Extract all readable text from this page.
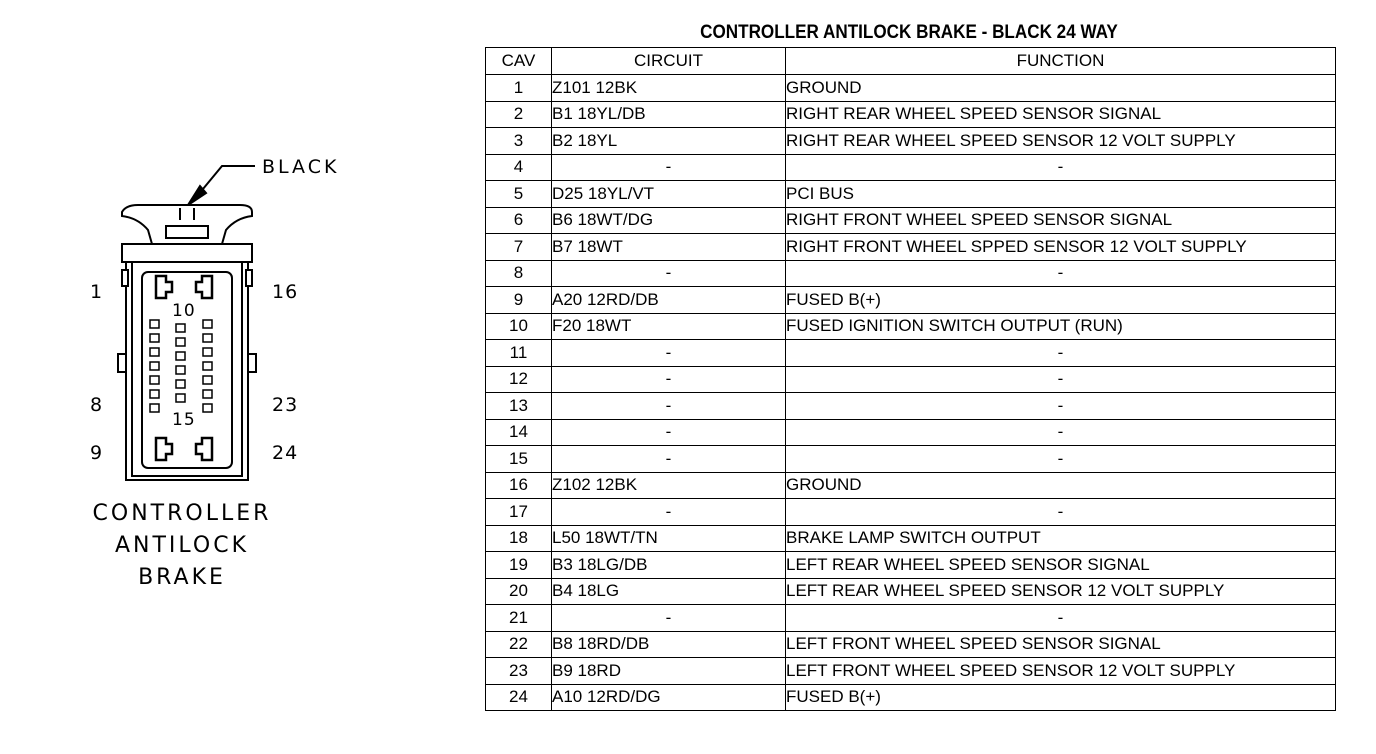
BLACK
1	16
8	23
9	24
10
15
CONTROLLER
ANTILOCK
BRAKE
CONTROLLER ANTILOCK BRAKE - BLACK 24 WAY
CAV	CIRCUIT	FUNCTION
1	Z101 12BK	GROUND
2	B1 18YL/DB	RIGHT REAR WHEEL SPEED SENSOR SIGNAL
3	B2 18YL	RIGHT REAR WHEEL SPEED SENSOR 12 VOLT SUPPLY
4	-	-
5	D25 18YL/VT	PCI BUS
6	B6 18WT/DG	RIGHT FRONT WHEEL SPEED SENSOR SIGNAL
7	B7 18WT	RIGHT FRONT WHEEL SPPED SENSOR 12 VOLT SUPPLY
8	-	-
9	A20 12RD/DB	FUSED B(+)
10	F20 18WT	FUSED IGNITION SWITCH OUTPUT (RUN)
11	-	-
12	-	-
13	-	-
14	-	-
15	-	-
16	Z102 12BK	GROUND
17	-	-
18	L50 18WT/TN	BRAKE LAMP SWITCH OUTPUT
19	B3 18LG/DB	LEFT REAR WHEEL SPEED SENSOR SIGNAL
20	B4 18LG	LEFT REAR WHEEL SPEED SENSOR 12 VOLT SUPPLY
21	-	-
22	B8 18RD/DB	LEFT FRONT WHEEL SPEED SENSOR SIGNAL
23	B9 18RD	LEFT FRONT WHEEL SPEED SENSOR 12 VOLT SUPPLY
24	A10 12RD/DG	FUSED B(+)
